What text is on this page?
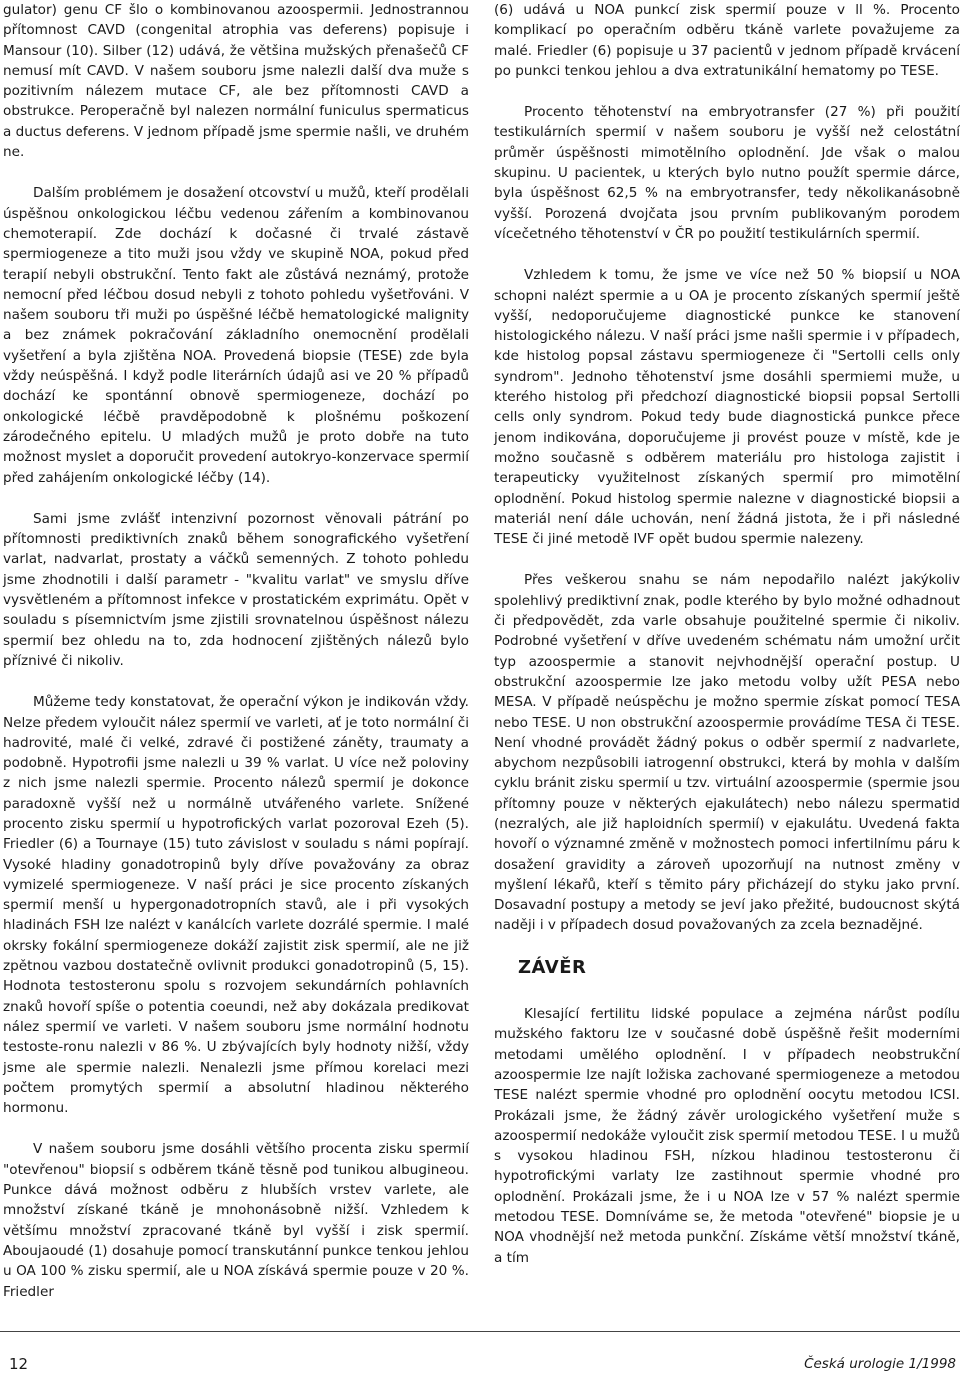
gulator) genu CF šlo o kombinovanou azoospermii. Jednostrannou přítomnost CAVD (congenital atrophia vas deferens) popisuje i Mansour (10). Silber (12) udává, že většina mužských přenašečů CF nemusí mít CAVD. V našem souboru jsme nalezli další dva muže s pozitivním nálezem mutace CF, ale bez přítomnosti CAVD a obstrukce. Peroperačně byl nalezen normální funiculus spermaticus a ductus deferens. V jednom případě jsme spermie našli, ve druhém ne.

Dalším problémem je dosažení otcovství u mužů, kteří prodělali úspěšnou onkologickou léčbu vedenou zářením a kombinovanou chemoterapií. Zde dochází k dočasné či trvalé zástavě spermiogeneze a tito muži jsou vždy ve skupině NOA, pokud před terapií nebyli obstrukční. Tento fakt ale zůstává neznámý, protože nemocní před léčbou dosud nebyli z tohoto pohledu vyšetřováni. V našem souboru tři muži po úspěšné léčbě hematologické malignity a bez známek pokračování základního onemocnění prodělali vyšetření a byla zjištěna NOA. Provedená biopsie (TESE) zde byla vždy neúspěšná. I když podle literárních údajů asi ve 20 % případů dochází ke spontánní obnově spermiogeneze, dochází po onkologické léčbě pravděpodobně k plošnému poškození zárodečného epitelu. U mladých mužů je proto dobře na tuto možnost myslet a doporučit provedení autokryo-konzervace spermií před zahájením onkologické léčby (14).

Sami jsme zvlášť intenzivní pozornost věnovali pátrání po přítomnosti prediktivních znaků během sonografického vyšetření varlat, nadvarlat, prostaty a váčků semenných. Z tohoto pohledu jsme zhodnotili i další parametr - "kvalitu varlat" ve smyslu dříve vysvětleném a přítomnost infekce v prostatickém exprimátu. Opět v souladu s písemnictvím jsme zjistili srovnatelnou úspěšnost nálezu spermií bez ohledu na to, zda hodnocení zjištěných nálezů bylo příznivé či nikoliv.

Můžeme tedy konstatovat, že operační výkon je indikován vždy. Nelze předem vyloučit nález spermií ve varleti, ať je toto normální či hadrovité, malé či velké, zdravé či postižené záněty, traumaty a podobně. Hypotrofii jsme nalezli u 39 % varlat. U více než poloviny z nich jsme nalezli spermie. Procento nálezů spermií je dokonce paradoxně vyšší než u normálně utvářeného varlete. Snížené procento zisku spermií u hypotrofických varlat pozoroval Ezeh (5). Friedler (6) a Tournaye (15) tuto závislost v souladu s námi popírají. Vysoké hladiny gonadotropinů byly dříve považovány za obraz vymizelé spermiogeneze. V naší práci je sice procento získaných spermií menší u hypergonadotropních stavů, ale i při vysokých hladinách FSH lze nalézt v kanálcích varlete dozrálé spermie. I malé okrsky fokální spermiogeneze dokáží zajistit zisk spermií, ale ne již zpětnou vazbou dostatečně ovlivnit produkci gonadotropinů (5, 15). Hodnota testosteronu spolu s rozvojem sekundárních pohlavních znaků hovoří spíše o potentia coeundi, než aby dokázala predikovat nález spermií ve varleti. V našem souboru jsme normální hodnotu testoste-ronu nalezli v 86 %. U zbývajících byly hodnoty nižší, vždy jsme ale spermie nalezli. Nenalezli jsme přímou korelaci mezi počtem promytých spermií a absolutní hladinou některého hormonu.

V našem souboru jsme dosáhli většího procenta zisku spermií "otevřenou" biopsií s odběrem tkáně těsně pod tunikou albugineou. Punkce dává možnost odběru z hlubších vrstev varlete, ale množství získané tkáně je mnohonásobně nižší. Vzhledem k většímu množství zpracované tkáně byl vyšší i zisk spermií. Aboujaoudé (1) dosahuje pomocí transkutánní punkce tenkou jehlou u OA 100 % zisku spermií, ale u NOA získává spermie pouze v 20 %. Friedler

(6) udává u NOA punkcí zisk spermií pouze v ll %. Procento komplikací po operačním odběru tkáně varlete považujeme za malé. Friedler (6) popisuje u 37 pacientů v jednom případě krvácení po punkci tenkou jehlou a dva extratunikální hematomy po TESE.

Procento těhotenství na embryotransfer (27 %) při použití testikulárních spermií v našem souboru je vyšší než celostátní průměr úspěšnosti mimotělního oplodnění. Jde však o malou skupinu. U pacientek, u kterých bylo nutno použít spermie dárce, byla úspěšnost 62,5 % na embryotransfer, tedy několikanásobně vyšší. Porozená dvojčata jsou prvním publikovaným porodem vícečetného těhotenství v ČR po použití testikulárních spermií.

Vzhledem k tomu, že jsme ve více než 50 % biopsií u NOA schopni nalézt spermie a u OA je procento získaných spermií ještě vyšší, nedoporučujeme diagnostické punkce ke stanovení histologického nálezu. V naší práci jsme našli spermie i v případech, kde histolog popsal zástavu spermiogeneze či "Sertolli cells only syndrom". Jednoho těhotenství jsme dosáhli spermiemi muže, u kterého histolog při předchozí diagnostické biopsii popsal Sertolli cells only syndrom. Pokud tedy bude diagnostická punkce přece jenom indikována, doporučujeme ji provést pouze v místě, kde je možno současně s odběrem materiálu pro histologa zajistit i terapeuticky využitelnost získaných spermií pro mimotělní oplodnění. Pokud histolog spermie nalezne v diagnostické biopsii a materiál není dále uchován, není žádná jistota, že i při následné TESE či jiné metodě IVF opět budou spermie nalezeny.

Přes veškerou snahu se nám nepodařilo nalézt jakýkoliv spolehlivý prediktivní znak, podle kterého by bylo možné odhadnout či předpovědět, zda varle obsahuje použitelné spermie či nikoliv. Podrobné vyšetření v dříve uvedeném schématu nám umožní určit typ azoospermie a stanovit nejvhodnější operační postup. U obstrukční azoospermie lze jako metodu volby užít PESA nebo MESA. V případě neúspěchu je možno spermie získat pomocí TESA nebo TESE. U non obstrukční azoospermie provádíme TESA či TESE. Není vhodné provádět žádný pokus o odběr spermií z nadvarlete, abychom nezpůsobili iatrogenní obstrukci, která by mohla v dalším cyklu bránit zisku spermií u tzv. virtuální azoospermie (spermie jsou přítomny pouze v některých ejakulátech) nebo nálezu spermatid (nezralých, ale již haploidních spermií) v ejakulátu. Uvedená fakta hovoří o významné změně v možnostech pomoci infertilnímu páru k dosažení gravidity a zároveň upozorňují na nutnost změny v myšlení lékařů, kteří s těmito páry přicházejí do styku jako první. Dosavadní postupy a metody se jeví jako přežité, budoucnost skýtá naději i v případech dosud považovaných za zcela beznadějné.

ZÁVĚR

Klesající fertilitu lidské populace a zejména nárůst podílu mužského faktoru lze v současné době úspěšně řešit moderními metodami umělého oplodnění. I v případech neobstrukční azoospermie lze najít ložiska zachované spermiogeneze a metodou TESE nalézt spermie vhodné pro oplodnění oocytu metodou ICSI. Prokázali jsme, že žádný závěr urologického vyšetření muže s azoospermií nedokáže vyloučit zisk spermií metodou TESE. I u mužů s vysokou hladinou FSH, nízkou hladinou testosteronu či hypotrofickými varlaty lze zastihnout spermie vhodné pro oplodnění. Prokázali jsme, že i u NOA lze v 57 % nalézt spermie metodou TESE. Domníváme se, že metoda "otevřené" biopsie je u NOA vhodnější než metoda punkční. Získáme větší množství tkáně, a tím

12	Česká urologie 1/1998
